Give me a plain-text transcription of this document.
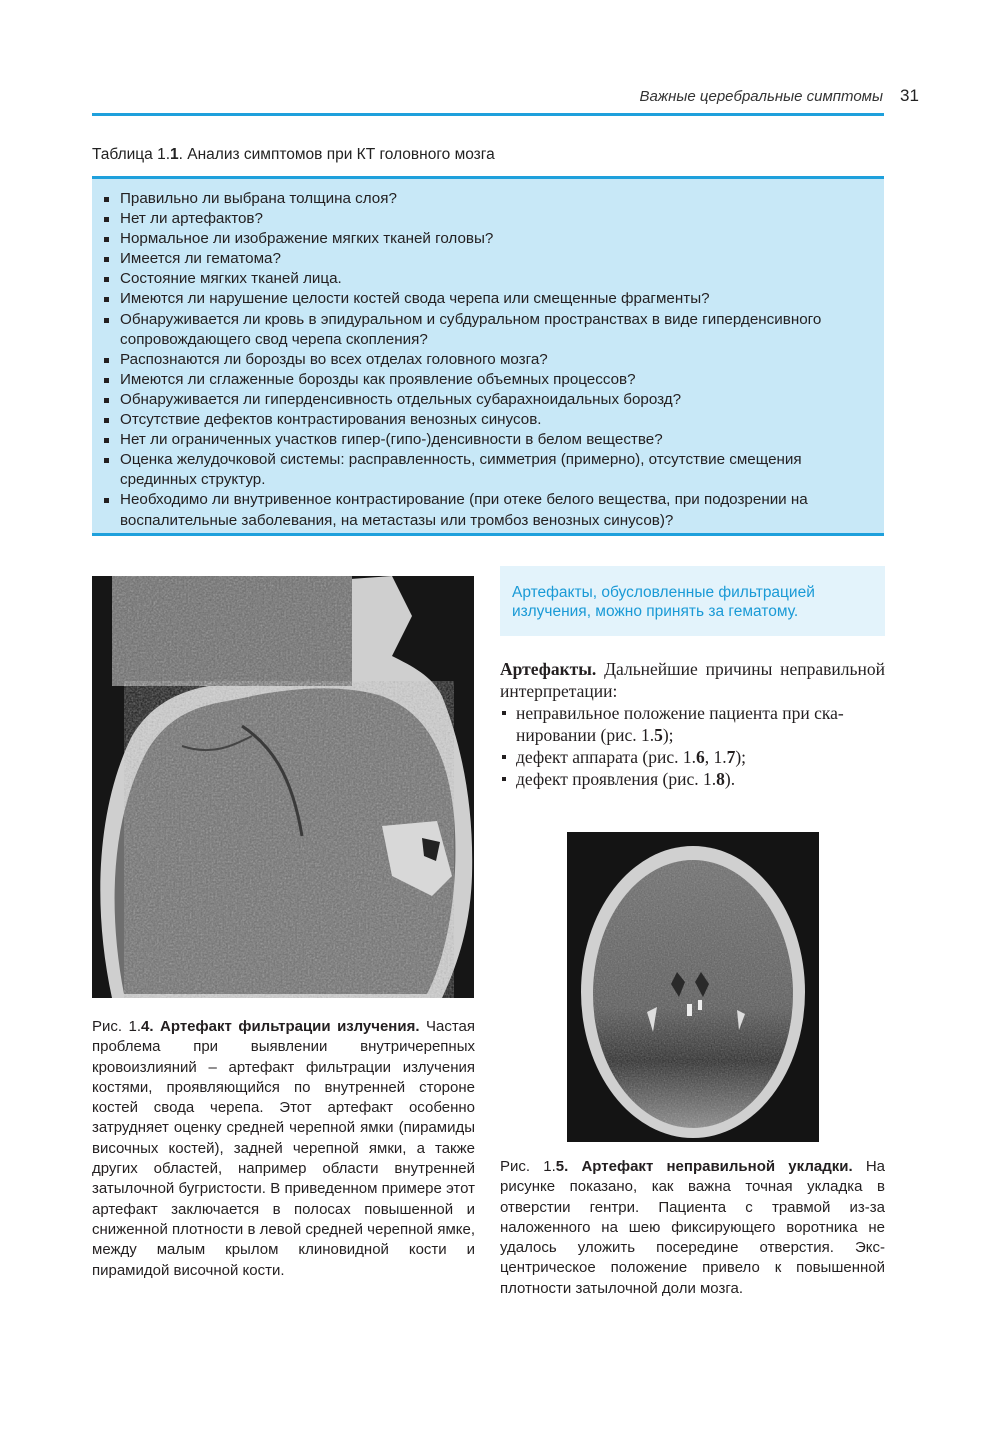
Важные церебральные симптомы 31
Таблица 1.1. Анализ симптомов при КТ головного мозга
Правильно ли выбрана толщина слоя?
Нет ли артефактов?
Нормальное ли изображение мягких тканей головы?
Имеется ли гематома?
Состояние мягких тканей лица.
Имеются ли нарушение целости костей свода черепа или смещенные фрагменты?
Обнаруживается ли кровь в эпидуральном и субдуральном пространствах в виде гиперденсивного сопровождающего свод черепа скопления?
Распознаются ли борозды во всех отделах головного мозга?
Имеются ли сглаженные борозды как проявление объемных процессов?
Обнаруживается ли гиперденсивность отдельных субарахноидальных борозд?
Отсутствие дефектов контрастирования венозных синусов.
Нет ли ограниченных участков гипер-(гипо-)денсивности в белом веществе?
Оценка желудочковой системы: расправленность, симметрия (примерно), отсутствие смещения срединных структур.
Необходимо ли внутривенное контрастирование (при отеке белого вещества, при подозрении на воспалительные заболевания, на метастазы или тромбоз венозных синусов)?
Артефакты, обусловленные фильтрацией излучения, можно принять за гематому.
Артефакты. Дальнейшие причины неправильной интерпретации:
неправильное положение пациента при сканировании (рис. 1.5);
дефект аппарата (рис. 1.6, 1.7);
дефект проявления (рис. 1.8).
Рис. 1.4. Артефакт фильтрации излучения. Частая проблема при выявлении внутричерепных кровоизлияний – артефакт фильтрации излучения костями, проявляющийся по внутренней стороне костей свода черепа. Этот артефакт особенно затрудняет оценку средней черепной ямки (пирамиды височных костей), задней черепной ямки, а также других областей, например области внутренней затылочной бугристости. В приведенном примере этот артефакт заключается в полосах повышенной и сниженной плотности в левой средней черепной ямке, между малым крылом клиновидной кости и пирамидой височной кости.
Рис. 1.5. Артефакт неправильной укладки. На рисунке показано, как важна точная укладка в отверстии гентри. Пациента с травмой из-за наложенного на шею фиксирующего воротника не удалось уложить посередине отверстия. Эксцентрическое положение привело к повышенной плотности затылочной доли мозга.
